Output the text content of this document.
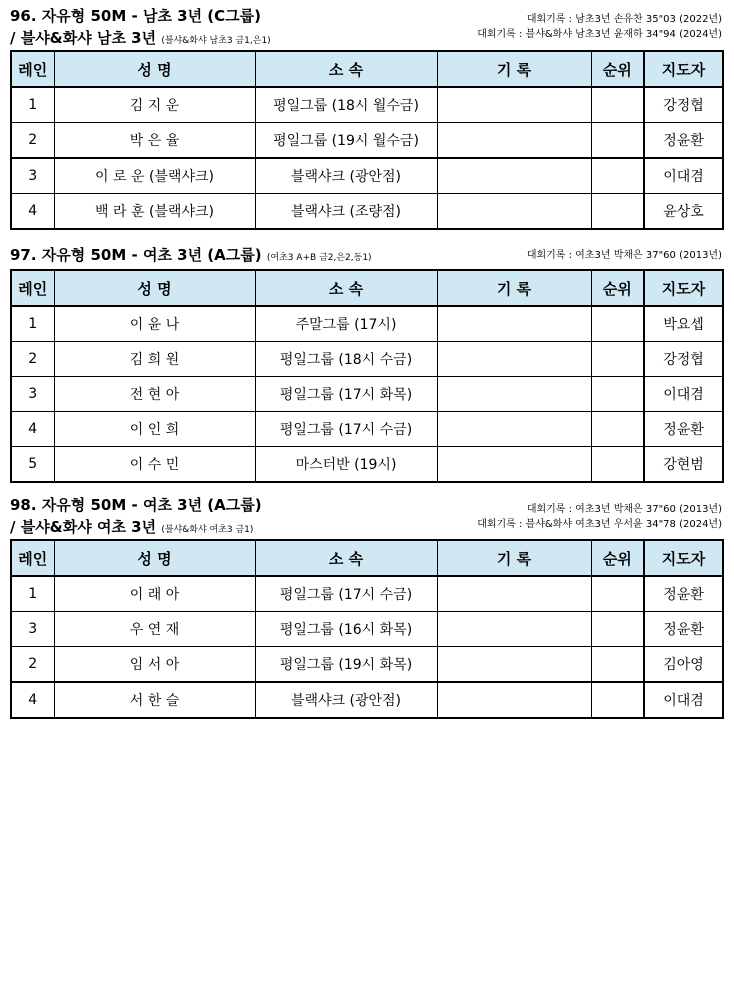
96. 자유형 50M - 남초 3년 (C그룹)
/ 블샤&화샤 남초 3년 (블샤&화샤 남초3 금1,은1)
대회기록 : 남초3년 손유찬 35"03 (2022년)
대회기록 : 블샤&화샤 남초3년 윤재하 34"94 (2024년)
레인	성 명	소 속	기 록	순위	지도자
1	김 지 운	평일그룹 (18시 월수금)			강정협
2	박 은 율	평일그룹 (19시 월수금)			정윤환
3	이 로 운 (블랙샤크)	블랙샤크 (광안점)			이대겸
4	백 라 훈 (블랙샤크)	블랙샤크 (조량점)			윤상호
97. 자유형 50M - 여초 3년 (A그룹) (여초3 A+B 금2,은2,동1)	대회기록 : 여초3년 박채은 37"60 (2013년)
레인	성 명	소 속	기 록	순위	지도자
1	이 윤 나	주말그룹 (17시)			박요셉
2	김 희 원	평일그룹 (18시 수금)			강정협
3	전 현 아	평일그룹 (17시 화목)			이대겸
4	이 인 희	평일그룹 (17시 수금)			정윤환
5	이 수 민	마스터반 (19시)			강현범
98. 자유형 50M - 여초 3년 (A그룹)
/ 블샤&화샤 여초 3년 (블샤&화샤 여초3 금1)
대회기록 : 여초3년 박채은 37"60 (2013년)
대회기록 : 블샤&화샤 여초3년 우서윤 34"78 (2024년)
레인	성 명	소 속	기 록	순위	지도자
1	이 래 아	평일그룹 (17시 수금)			정윤환
3	우 연 재	평일그룹 (16시 화목)			정윤환
2	임 서 아	평일그룹 (19시 화목)			김아영
4	서 한 슬	블랙샤크 (광안점)			이대겸
